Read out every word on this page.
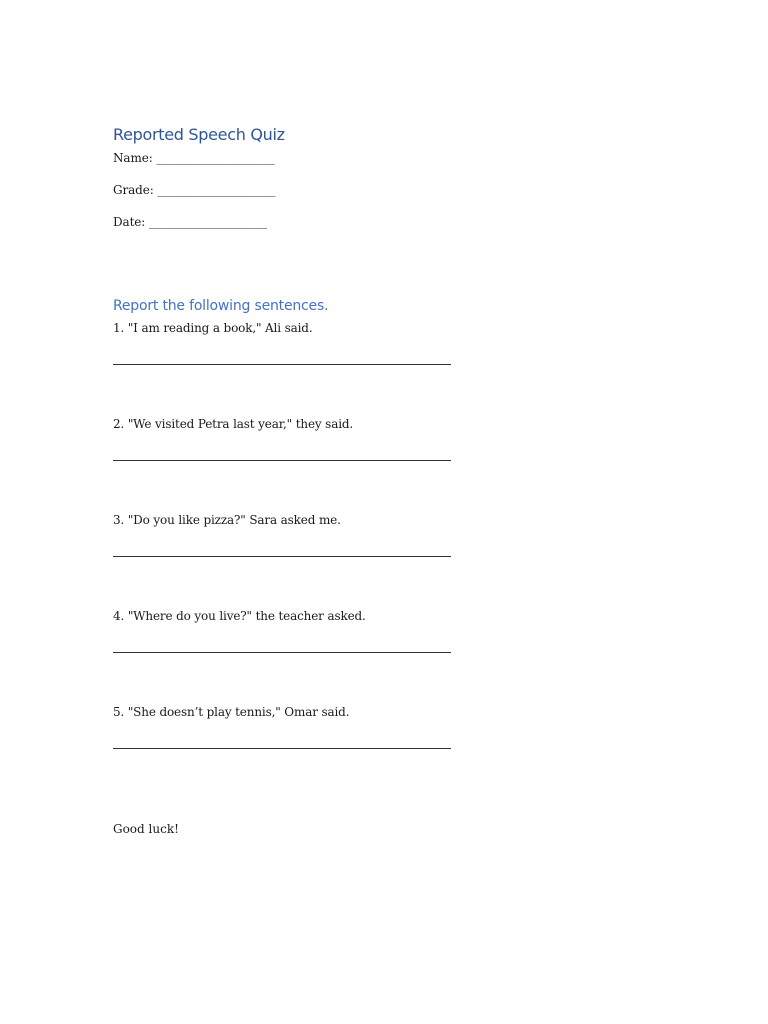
Reported Speech Quiz
Name: ____________________
Grade: ____________________
Date: ____________________
Report the following sentences.
1. "I am reading a book," Ali said.
2. "We visited Petra last year," they said.
3. "Do you like pizza?" Sara asked me.
4. "Where do you live?" the teacher asked.
5. "She doesn’t play tennis," Omar said.
Good luck!
